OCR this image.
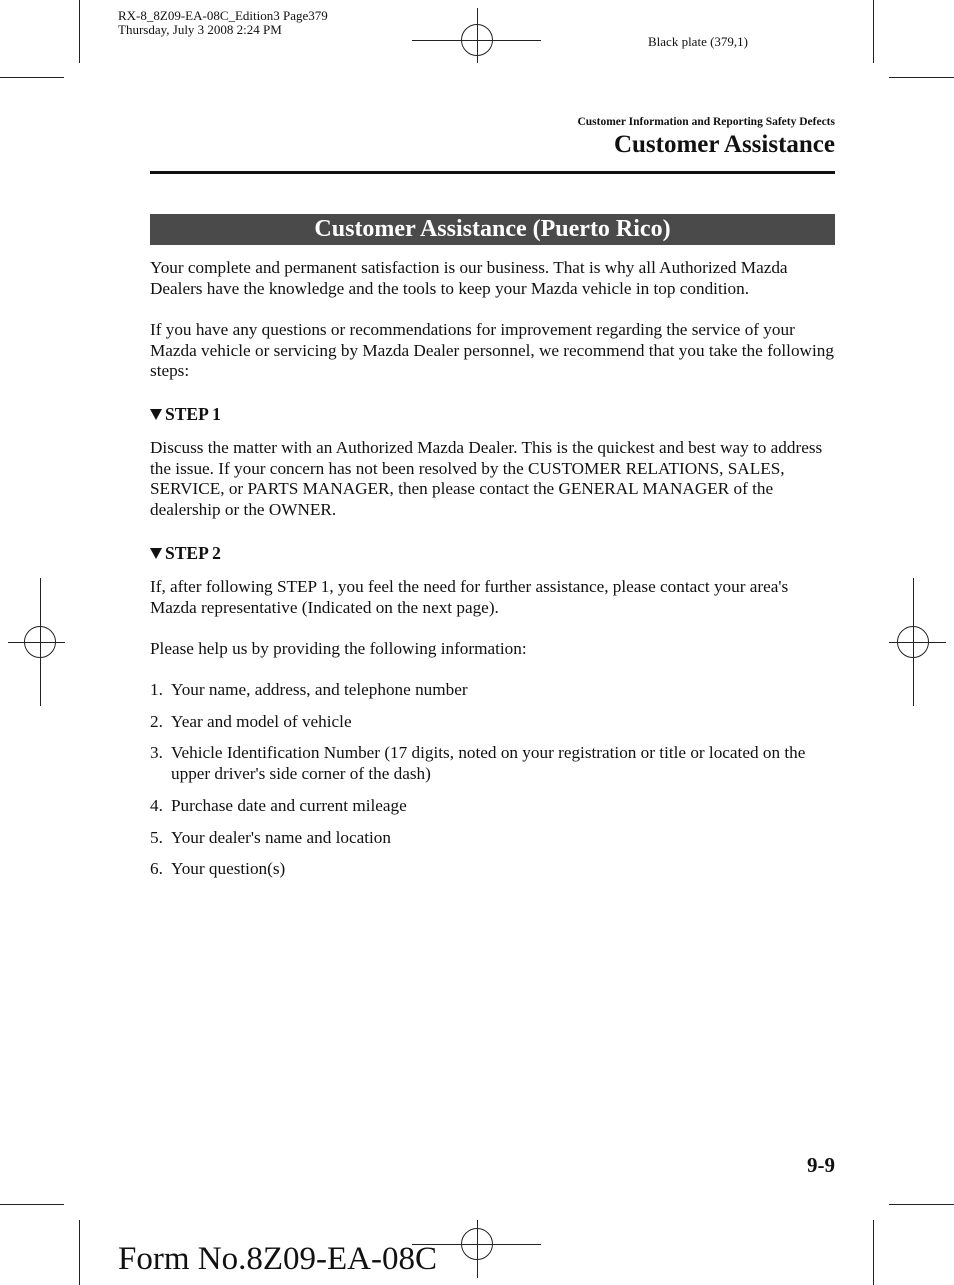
RX-8_8Z09-EA-08C_Edition3 Page379
Thursday, July 3 2008 2:24 PM
Black plate (379,1)
Customer Information and Reporting Safety Defects
Customer Assistance
Customer Assistance (Puerto Rico)
Your complete and permanent satisfaction is our business. That is why all Authorized Mazda Dealers have the knowledge and the tools to keep your Mazda vehicle in top condition.
If you have any questions or recommendations for improvement regarding the service of your Mazda vehicle or servicing by Mazda Dealer personnel, we recommend that you take the following steps:
STEP 1
Discuss the matter with an Authorized Mazda Dealer. This is the quickest and best way to address the issue. If your concern has not been resolved by the CUSTOMER RELATIONS, SALES, SERVICE, or PARTS MANAGER, then please contact the GENERAL MANAGER of the dealership or the OWNER.
STEP 2
If, after following STEP 1, you feel the need for further assistance, please contact your area's Mazda representative (Indicated on the next page).
Please help us by providing the following information:
1. Your name, address, and telephone number
2. Year and model of vehicle
3. Vehicle Identification Number (17 digits, noted on your registration or title or located on the upper driver's side corner of the dash)
4. Purchase date and current mileage
5. Your dealer's name and location
6. Your question(s)
9-9
Form No.8Z09-EA-08C
